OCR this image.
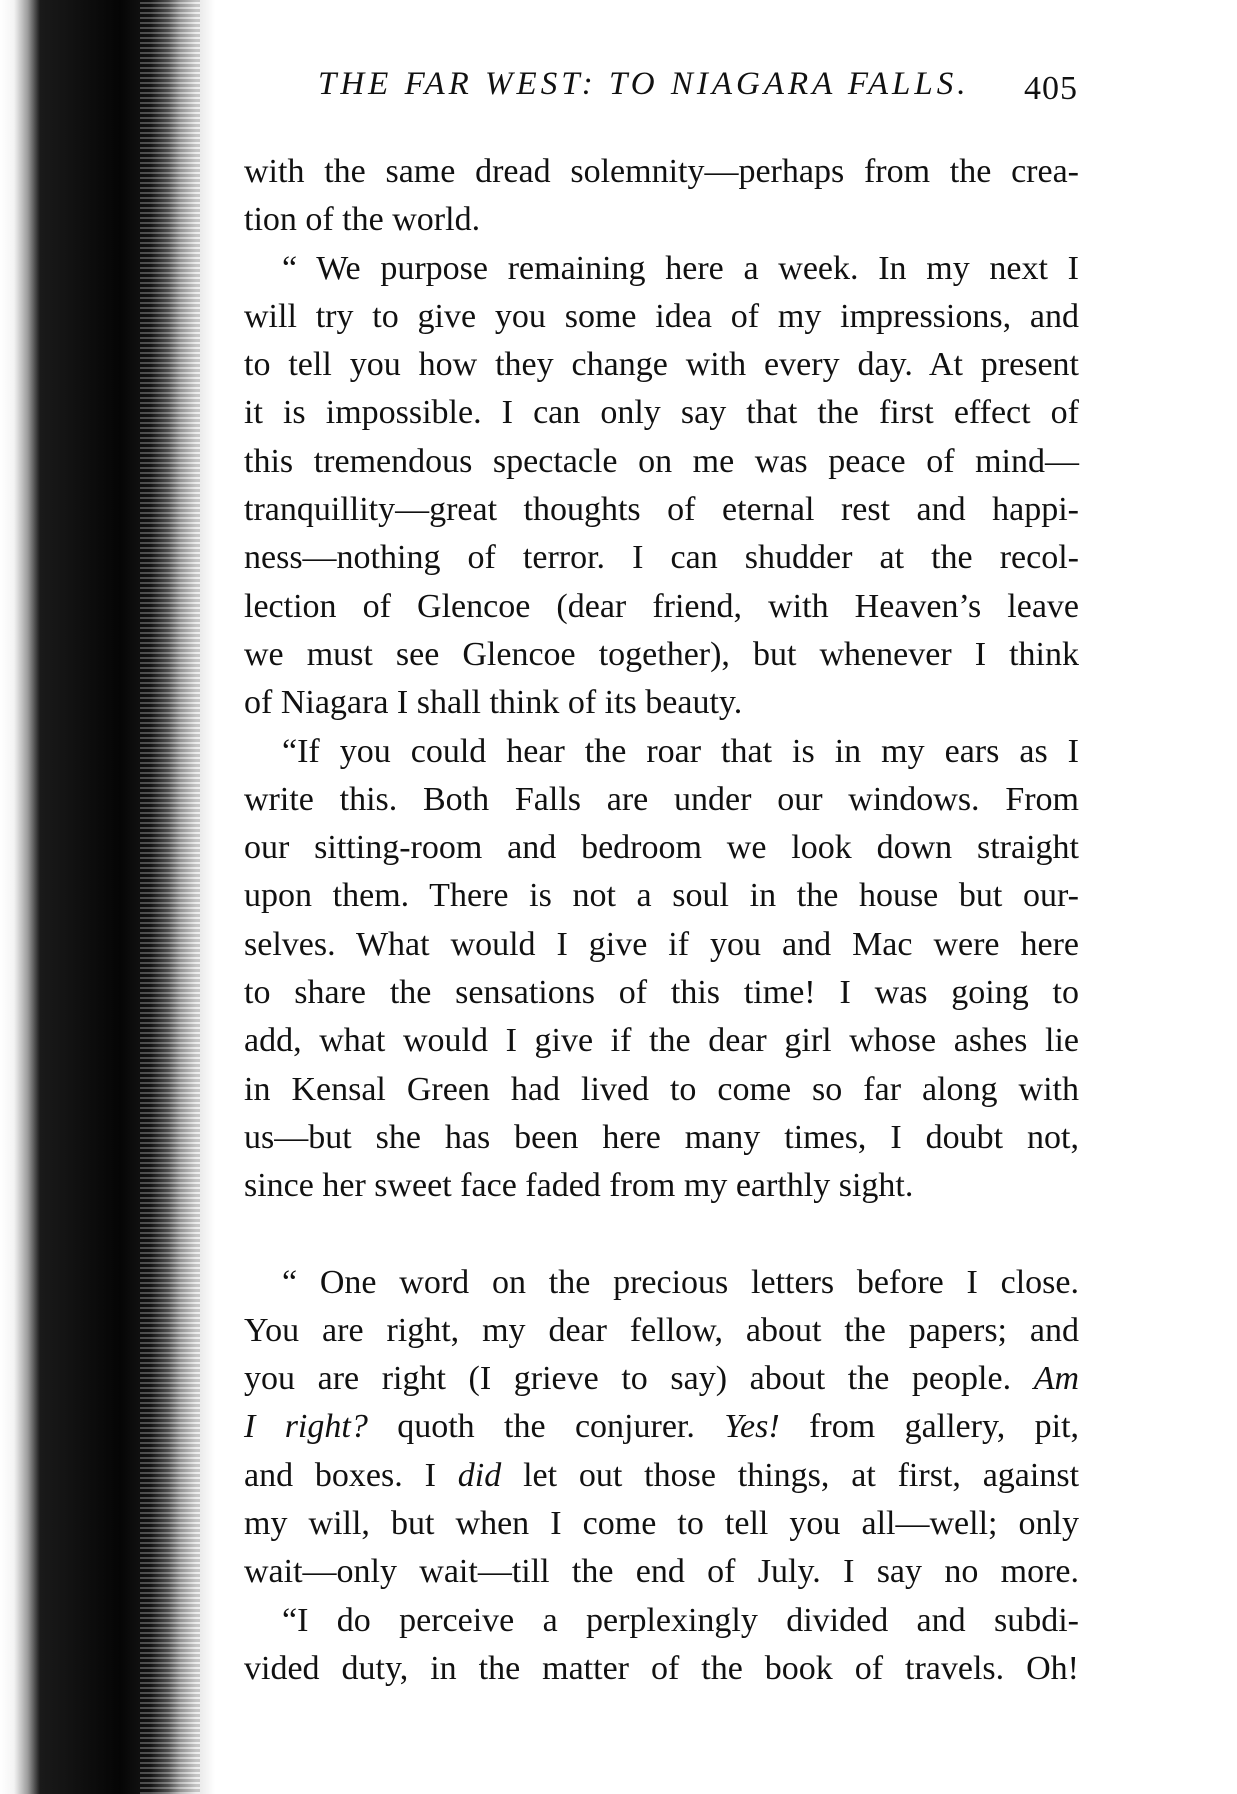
THE FAR WEST: TO NIAGARA FALLS. 405
with the same dread solemnity—perhaps from the crea-
tion of the world.
“ We purpose remaining here a week. In my next I
will try to give you some idea of my impressions, and
to tell you how they change with every day. At present
it is impossible. I can only say that the first effect of
this tremendous spectacle on me was peace of mind—
tranquillity—great thoughts of eternal rest and happi-
ness—nothing of terror. I can shudder at the recol-
lection of Glencoe (dear friend, with Heaven’s leave
we must see Glencoe together), but whenever I think
of Niagara I shall think of its beauty.
“If you could hear the roar that is in my ears as I
write this. Both Falls are under our windows. From
our sitting-room and bedroom we look down straight
upon them. There is not a soul in the house but our-
selves. What would I give if you and Mac were here
to share the sensations of this time! I was going to
add, what would I give if the dear girl whose ashes lie
in Kensal Green had lived to come so far along with
us—but she has been here many times, I doubt not,
since her sweet face faded from my earthly sight.
“ One word on the precious letters before I close.
You are right, my dear fellow, about the papers; and
you are right (I grieve to say) about the people. Am
I right? quoth the conjurer. Yes! from gallery, pit,
and boxes. I did let out those things, at first, against
my will, but when I come to tell you all—well; only
wait—only wait—till the end of July. I say no more.
“I do perceive a perplexingly divided and subdi-
vided duty, in the matter of the book of travels. Oh!
